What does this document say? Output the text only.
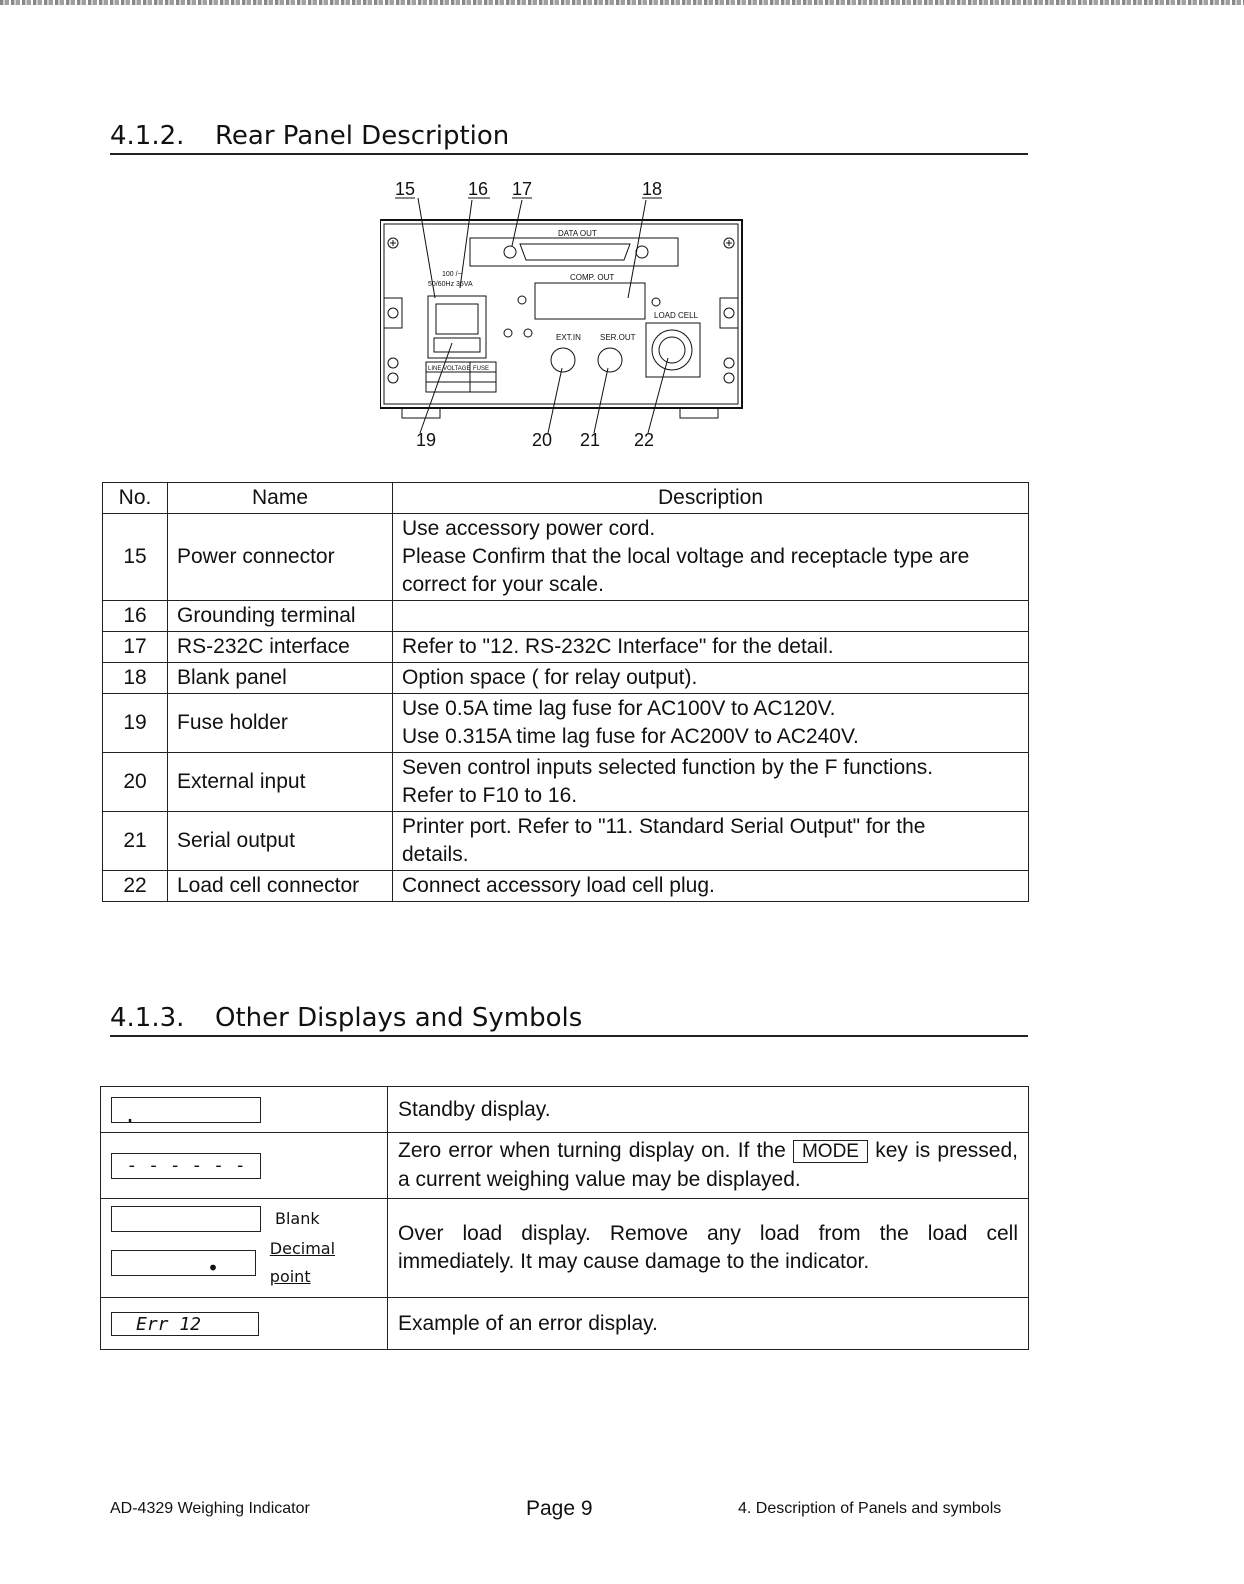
4.1.2. Rear Panel Description
15	16 17	18
19	20 21 22
DATA OUT
COMP. OUT
LOAD CELL
EXT.IN SER.OUT
100 /~
50/60Hz 35VA
LINE VOLTAGE FUSE
No.	Name	Description
15	Power connector	Use accessory power cord.
Please Confirm that the local voltage and receptacle type are
correct for your scale.

16	Grounding terminal	

17	RS-232C interface	Refer to "12. RS-232C Interface" for the detail.

18	Blank panel	Option space ( for relay output).

19	Fuse holder	Use 0.5A time lag fuse for AC100V to AC120V.
Use 0.315A time lag fuse for AC200V to AC240V.

20	External input	Seven control inputs selected function by the F functions.
Refer to F10 to 16.

21	Serial output	Printer port. Refer to "11. Standard Serial Output" for the
details.

22	Load cell connector	Connect accessory load cell plug.
4.1.3. Other Displays and Symbols
.	Standby display.

- - - - - -	Zero error when turning display on. If the MODE key is pressed, a current weighing value may be displayed.

Blank
•
Decimal point	Over load display. Remove any load from the load cell immediately. It may cause damage to the indicator.

Err 12	Example of an error display.
AD-4329 Weighing Indicator	Page 9	4. Description of Panels and symbols
